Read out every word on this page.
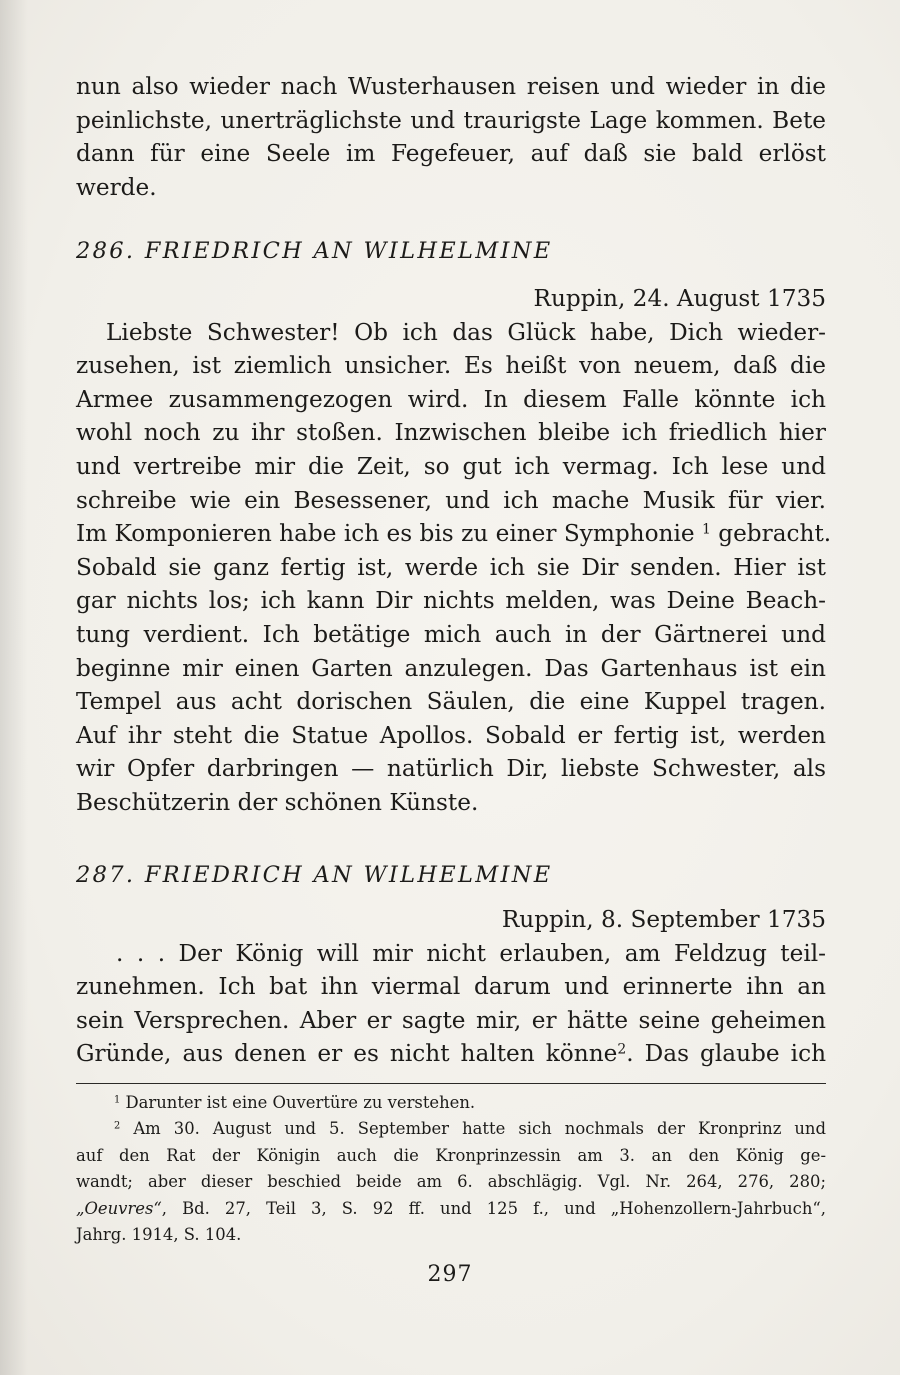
nun also wieder nach Wusterhausen reisen und wieder in die
peinlichste, unerträglichste und traurigste Lage kommen. Bete
dann für eine Seele im Fegefeuer, auf daß sie bald erlöst
werde.
286. FRIEDRICH AN WILHELMINE
Ruppin, 24. August 1735
Liebste Schwester! Ob ich das Glück habe, Dich wieder-
zusehen, ist ziemlich unsicher. Es heißt von neuem, daß die
Armee zusammengezogen wird. In diesem Falle könnte ich
wohl noch zu ihr stoßen. Inzwischen bleibe ich friedlich hier
und vertreibe mir die Zeit, so gut ich vermag. Ich lese und
schreibe wie ein Besessener, und ich mache Musik für vier.
Im Komponieren habe ich es bis zu einer Symphonie $^1$ gebracht.
Sobald sie ganz fertig ist, werde ich sie Dir senden. Hier ist
gar nichts los; ich kann Dir nichts melden, was Deine Beach-
tung verdient. Ich betätige mich auch in der Gärtnerei und
beginne mir einen Garten anzulegen. Das Gartenhaus ist ein
Tempel aus acht dorischen Säulen, die eine Kuppel tragen.
Auf ihr steht die Statue Apollos. Sobald er fertig ist, werden
wir Opfer darbringen — natürlich Dir, liebste Schwester, als
Beschützerin der schönen Künste.
287. FRIEDRICH AN WILHELMINE
Ruppin, 8. September 1735
. . . Der König will mir nicht erlauben, am Feldzug teil-
zunehmen. Ich bat ihn viermal darum und erinnerte ihn an
sein Versprechen. Aber er sagte mir, er hätte seine geheimen
Gründe, aus denen er es nicht halten könne$^2$. Das glaube ich
$^1$ Darunter ist eine Ouvertüre zu verstehen.
$^2$ Am 30. August und 5. September hatte sich nochmals der Kronprinz und
auf den Rat der Königin auch die Kronprinzessin am 3. an den König ge-
wandt; aber dieser beschied beide am 6. abschlägig. Vgl. Nr. 264, 276, 280;
„Oeuvres“, Bd. 27, Teil 3, S. 92 ff. und 125 f., und „Hohenzollern-Jahrbuch“,
Jahrg. 1914, S. 104.
297
